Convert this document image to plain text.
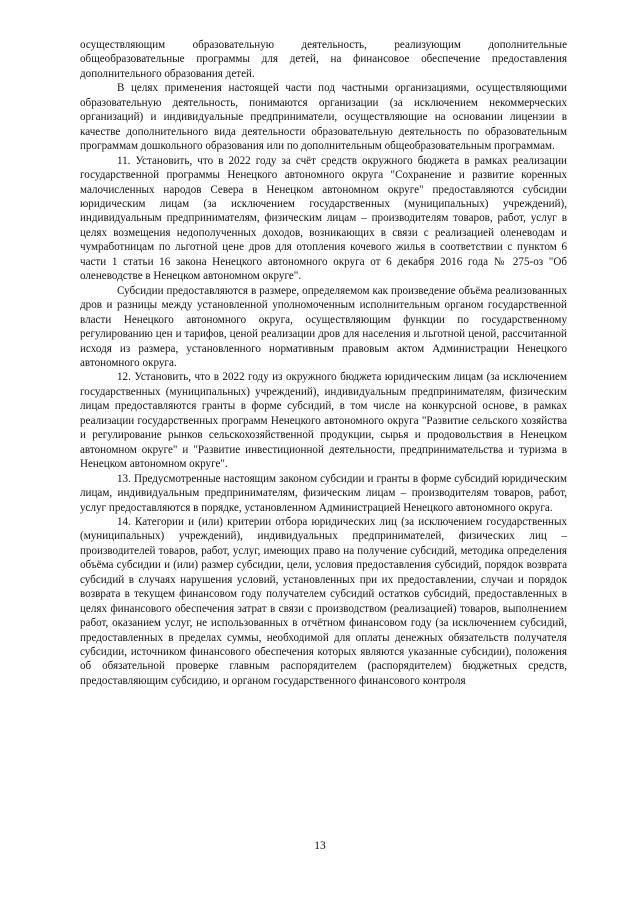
осуществляющим образовательную деятельность, реализующим дополнительные общеобразовательные программы для детей, на финансовое обеспечение предоставления дополнительного образования детей.

В целях применения настоящей части под частными организациями, осуществляющими образовательную деятельность, понимаются организации (за исключением некоммерческих организаций) и индивидуальные предприниматели, осуществляющие на основании лицензии в качестве дополнительного вида деятельности образовательную деятельность по образовательным программам дошкольного образования или по дополнительным общеобразовательным программам.

11. Установить, что в 2022 году за счёт средств окружного бюджета в рамках реализации государственной программы Ненецкого автономного округа "Сохранение и развитие коренных малочисленных народов Севера в Ненецком автономном округе" предоставляются субсидии юридическим лицам (за исключением государственных (муниципальных) учреждений), индивидуальным предпринимателям, физическим лицам – производителям товаров, работ, услуг в целях возмещения недополученных доходов, возникающих в связи с реализацией оленеводам и чумработницам по льготной цене дров для отопления кочевого жилья в соответствии с пунктом 6 части 1 статьи 16 закона Ненецкого автономного округа от 6 декабря 2016 года № 275-оз "Об оленеводстве в Ненецком автономном округе".

Субсидии предоставляются в размере, определяемом как произведение объёма реализованных дров и разницы между установленной уполномоченным исполнительным органом государственной власти Ненецкого автономного округа, осуществляющим функции по государственному регулированию цен и тарифов, ценой реализации дров для населения и льготной ценой, рассчитанной исходя из размера, установленного нормативным правовым актом Администрации Ненецкого автономного округа.

12. Установить, что в 2022 году из окружного бюджета юридическим лицам (за исключением государственных (муниципальных) учреждений), индивидуальным предпринимателям, физическим лицам предоставляются гранты в форме субсидий, в том числе на конкурсной основе, в рамках реализации государственных программ Ненецкого автономного округа "Развитие сельского хозяйства и регулирование рынков сельскохозяйственной продукции, сырья и продовольствия в Ненецком автономном округе" и "Развитие инвестиционной деятельности, предпринимательства и туризма в Ненецком автономном округе".

13. Предусмотренные настоящим законом субсидии и гранты в форме субсидий юридическим лицам, индивидуальным предпринимателям, физическим лицам – производителям товаров, работ, услуг предоставляются в порядке, установленном Администрацией Ненецкого автономного округа.

14. Категории и (или) критерии отбора юридических лиц (за исключением государственных (муниципальных) учреждений), индивидуальных предпринимателей, физических лиц – производителей товаров, работ, услуг, имеющих право на получение субсидий, методика определения объёма субсидии и (или) размер субсидии, цели, условия предоставления субсидий, порядок возврата субсидий в случаях нарушения условий, установленных при их предоставлении, случаи и порядок возврата в текущем финансовом году получателем субсидий остатков субсидий, предоставленных в целях финансового обеспечения затрат в связи с производством (реализацией) товаров, выполнением работ, оказанием услуг, не использованных в отчётном финансовом году (за исключением субсидий, предоставленных в пределах суммы, необходимой для оплаты денежных обязательств получателя субсидии, источником финансового обеспечения которых являются указанные субсидии), положения об обязательной проверке главным распорядителем (распорядителем) бюджетных средств, предоставляющим субсидию, и органом государственного финансового контроля

13
